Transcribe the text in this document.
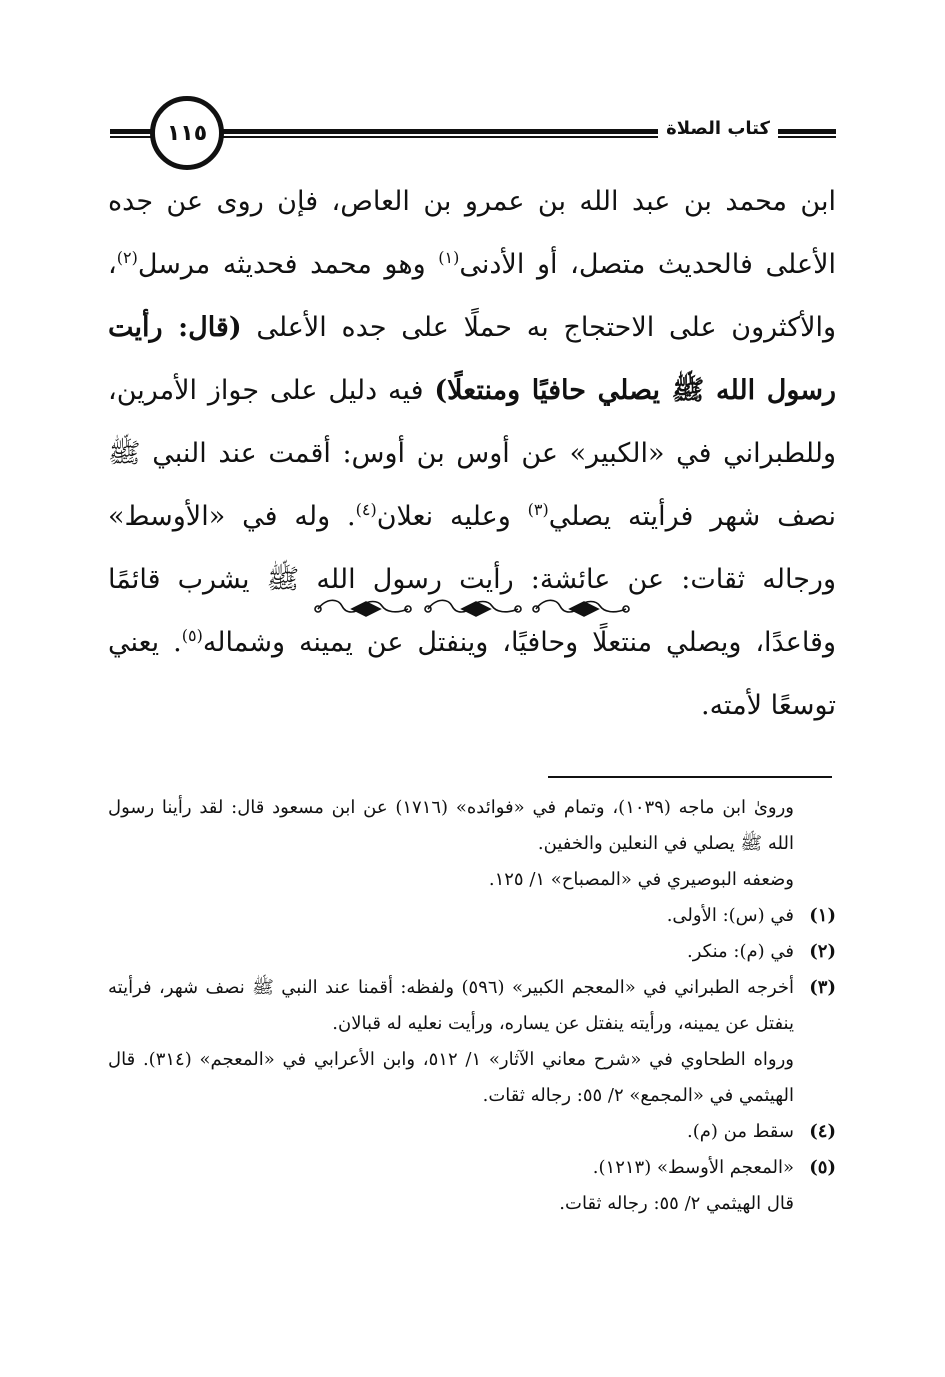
كتاب الصلاة
١١٥

ابن محمد بن عبد الله بن عمرو بن العاص، فإن روى عن جده الأعلى فالحديث متصل، أو الأدنى$^{(١)}$ وهو محمد فحديثه مرسل$^{(٢)}$، والأكثرون على الاحتجاج به حملًا على جده الأعلى (قال: رأيت رسول الله ﷺ يصلي حافيًا ومنتعلًا) فيه دليل على جواز الأمرين، وللطبراني في «الكبير» عن أوس بن أوس: أقمت عند النبي ﷺ نصف شهر فرأيته يصلي$^{(٣)}$ وعليه نعلان$^{(٤)}$. وله في «الأوسط» ورجاله ثقات: عن عائشة: رأيت رسول الله ﷺ يشرب قائمًا وقاعدًا، ويصلي منتعلًا وحافيًا، وينفتل عن يمينه وشماله$^{(٥)}$. يعني توسعًا لأمته.

ورویٰ ابن ماجه (١٠٣٩)، وتمام في «فوائده» (١٧١٦) عن ابن مسعود قال: لقد رأينا رسول الله ﷺ يصلي في النعلين والخفين.
وضعفه البوصيري في «المصباح» ١/ ١٢٥.
(١)
في (س): الأولى.
(٢)
في (م): منكر.
(٣)
أخرجه الطبراني في «المعجم الكبير» (٥٩٦) ولفظه: أقمنا عند النبي ﷺ نصف شهر، فرأيته ينفتل عن يمينه، ورأيته ينفتل عن يساره، ورأيت نعليه له قبالان.
ورواه الطحاوي في «شرح معاني الآثار» ١/ ٥١٢، وابن الأعرابي في «المعجم» (٣١٤). قال الهيثمي في «المجمع» ٢/ ٥٥: رجاله ثقات.
(٤)
سقط من (م).
(٥)
«المعجم الأوسط» (١٢١٣).
قال الهيثمي ٢/ ٥٥: رجاله ثقات.
